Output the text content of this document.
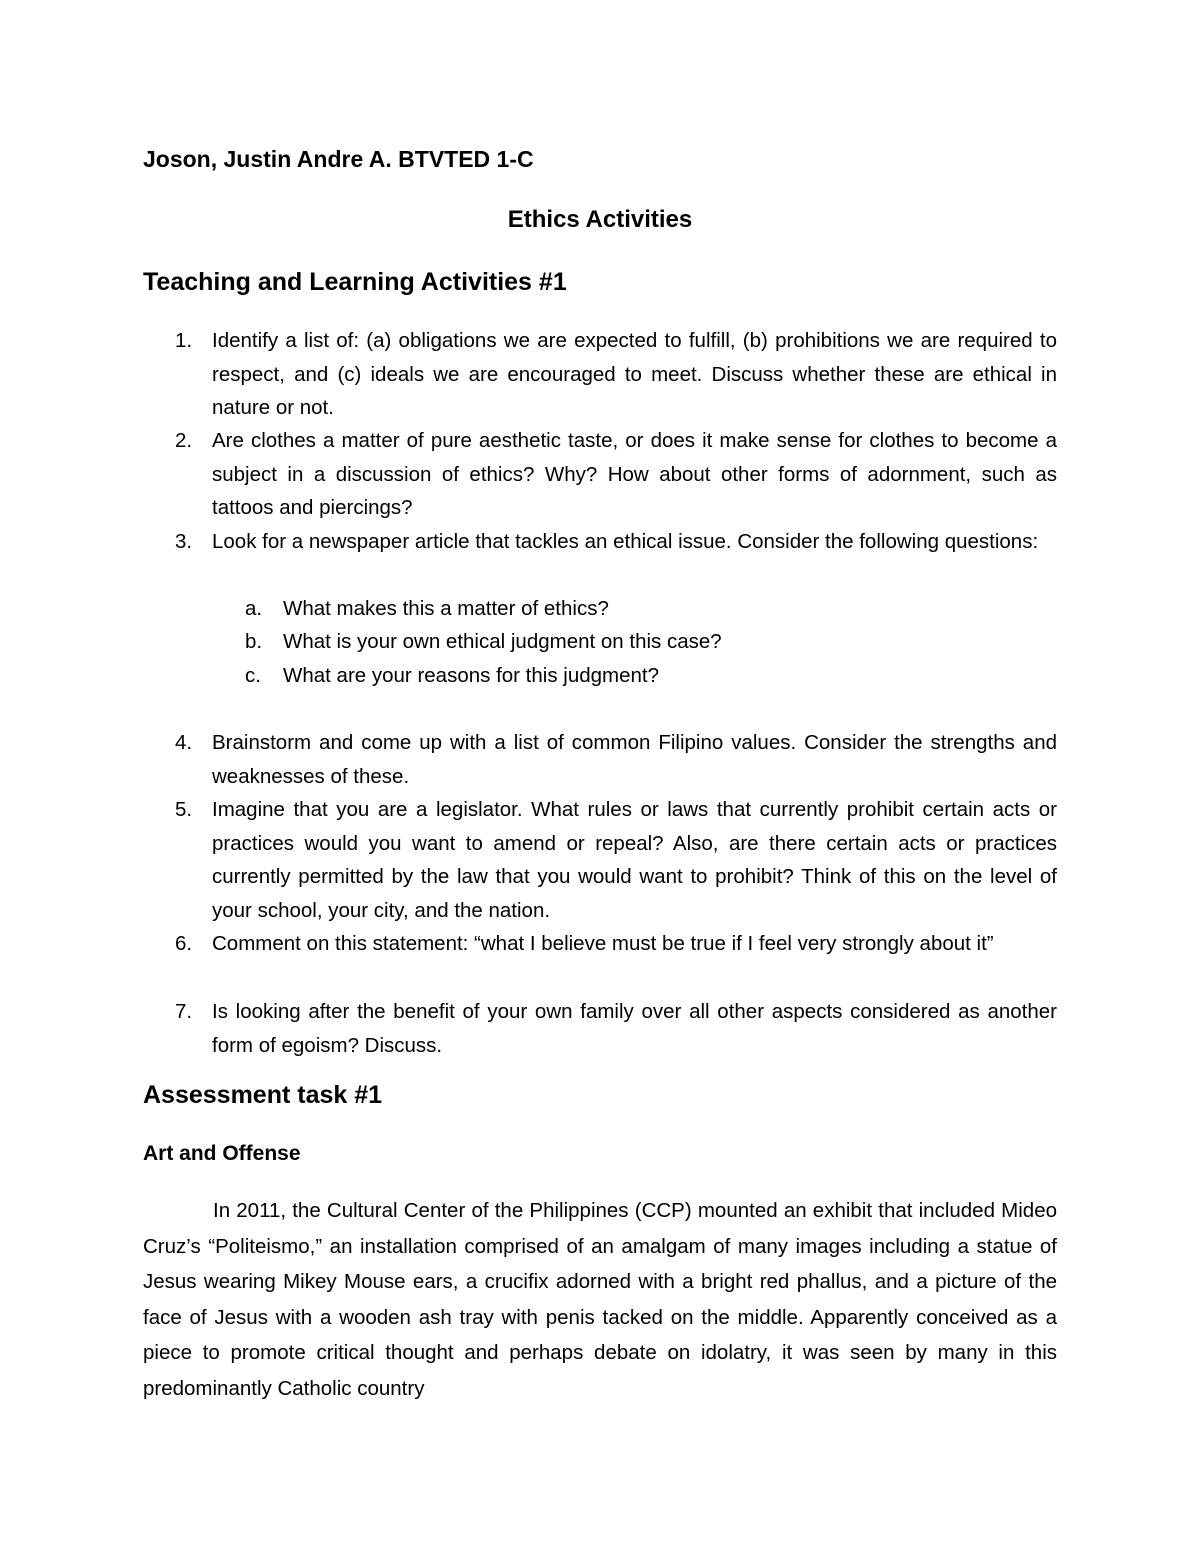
Joson, Justin Andre A. BTVTED 1-C
Ethics Activities
Teaching and Learning Activities #1
1. Identify a list of: (a) obligations we are expected to fulfill, (b) prohibitions we are required to respect, and (c) ideals we are encouraged to meet. Discuss whether these are ethical in nature or not.
2. Are clothes a matter of pure aesthetic taste, or does it make sense for clothes to become a subject in a discussion of ethics? Why? How about other forms of adornment, such as tattoos and piercings?
3. Look for a newspaper article that tackles an ethical issue. Consider the following questions:
a. What makes this a matter of ethics?
b. What is your own ethical judgment on this case?
c. What are your reasons for this judgment?
4. Brainstorm and come up with a list of common Filipino values. Consider the strengths and weaknesses of these.
5. Imagine that you are a legislator. What rules or laws that currently prohibit certain acts or practices would you want to amend or repeal? Also, are there certain acts or practices currently permitted by the law that you would want to prohibit? Think of this on the level of your school, your city, and the nation.
6. Comment on this statement: “what I believe must be true if I feel very strongly about it”
7. Is looking after the benefit of your own family over all other aspects considered as another form of egoism? Discuss.
Assessment task #1
Art and Offense
In 2011, the Cultural Center of the Philippines (CCP) mounted an exhibit that included Mideo Cruz’s “Politeismo,” an installation comprised of an amalgam of many images including a statue of Jesus wearing Mikey Mouse ears, a crucifix adorned with a bright red phallus, and a picture of the face of Jesus with a wooden ash tray with penis tacked on the middle. Apparently conceived as a piece to promote critical thought and perhaps debate on idolatry, it was seen by many in this predominantly Catholic country
